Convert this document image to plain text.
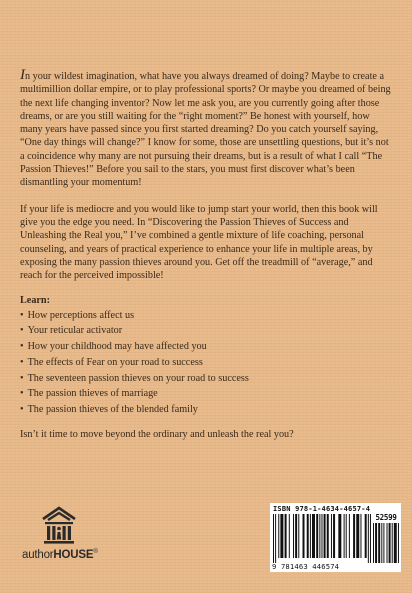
In your wildest imagination, what have you always dreamed of doing? Maybe to create a multimillion dollar empire, or to play professional sports? Or maybe you dreamed of being the next life changing inventor? Now let me ask you, are you currently going after those dreams, or are you still waiting for the “right moment?” Be honest with yourself, how many years have passed since you first started dreaming? Do you catch yourself saying, “One day things will change?” I know for some, those are unsettling questions, but it’s not a coincidence why many are not pursuing their dreams, but is a result of what I call “The Passion Thieves!” Before you sail to the stars, you must first discover what’s been dismantling your momentum!

If your life is mediocre and you would like to jump start your world, then this book will give you the edge you need. In “Discovering the Passion Thieves of Success and Unleashing the Real you,” I’ve combined a gentle mixture of life coaching, personal counseling, and years of practical experience to enhance your life in multiple areas, by exposing the many passion thieves around you. Get off the treadmill of “average,” and reach for the perceived impossible!

Learn:
• How perceptions affect us
• Your reticular activator
• How your childhood may have affected you
• The effects of Fear on your road to success
• The seventeen passion thieves on your road to success
• The passion thieves of marriage
• The passion thieves of the blended family

Isn’t it time to move beyond the ordinary and unleash the real you?

authorHOUSE®
ISBN 978-1-4634-4657-4
52599
9 781463 446574
